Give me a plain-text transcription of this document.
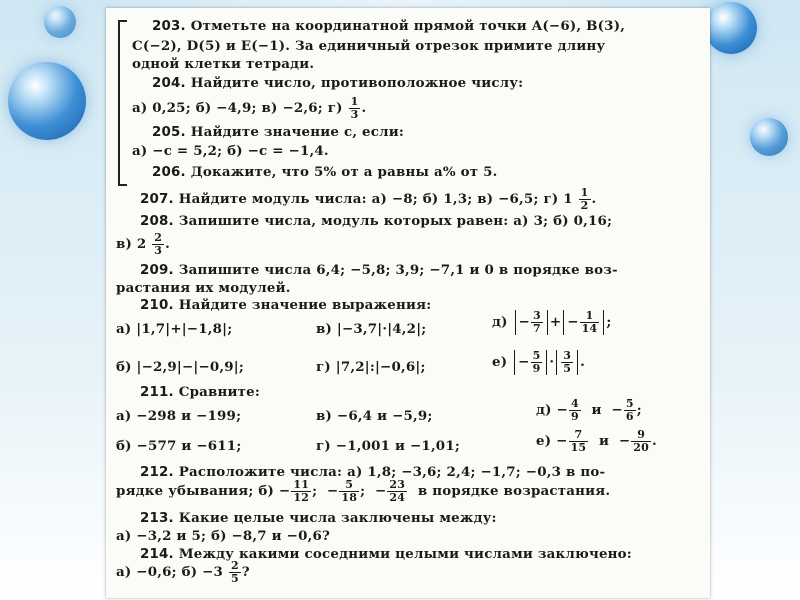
203. Отметьте на координатной прямой точки A(−6), B(3),
C(−2), D(5) и E(−1). За единичный отрезок примите длину
одной клетки тетради.
204. Найдите число, противоположное числу:
а) 0,25; б) −4,9; в) −2,6; $г) \frac{1}{3}$ .
205. Найдите значение c, если:
а) −c = 5,2; б) −c = −1,4.
206. Докажите, что 5% от a равны a% от 5.
207. Найдите модуль числа: а) −8; б) 1,3; в) −6,5; г) $1 \frac{1}{2}$ .
208. Запишите числа, модуль которых равен: а) 3; б) 0,16;
в) $2 \frac{2}{3}$ .
209. Запишите числа 6,4; −5,8; 3,9; −7,1 и 0 в порядке воз-
растания их модулей.
210. Найдите значение выражения:
а) |1,7|+|−1,8|;	в) |−3,7|·|4,2|;	$д) - \frac{3}{7}$ + − $\frac{1}{14}$ ;
б) |−2,9|−|−0,9|;	г) |7,2|:|−0,6|;	$е) - \frac{5}{9} \cdot \frac{3}{5}$ .
211. Сравните:
а) −298 и −199;	в) −6,4 и −5,9;	$д) - \frac{4}{9}$ $и - \frac{5}{6}$ ;
б) −577 и −611;	г) −1,001 и −1,01;	$е) - \frac{7}{15}$ $и - \frac{9}{20}$ .
212. Расположите числа: а) 1,8; −3,6; 2,4; −1,7; −0,3 в по-
рядке убывания; $б) - \frac{11}{12}$ ;  − $\frac{5}{18}$ ;  − $\frac{23}{24}$ в порядке возрастания.
213. Какие целые числа заключены между:
а) −3,2 и 5; б) −8,7 и −0,6?
214. Между какими соседними целыми числами заключено:
а) −0,6; $б) -3 \frac{2}{5}$ ?
